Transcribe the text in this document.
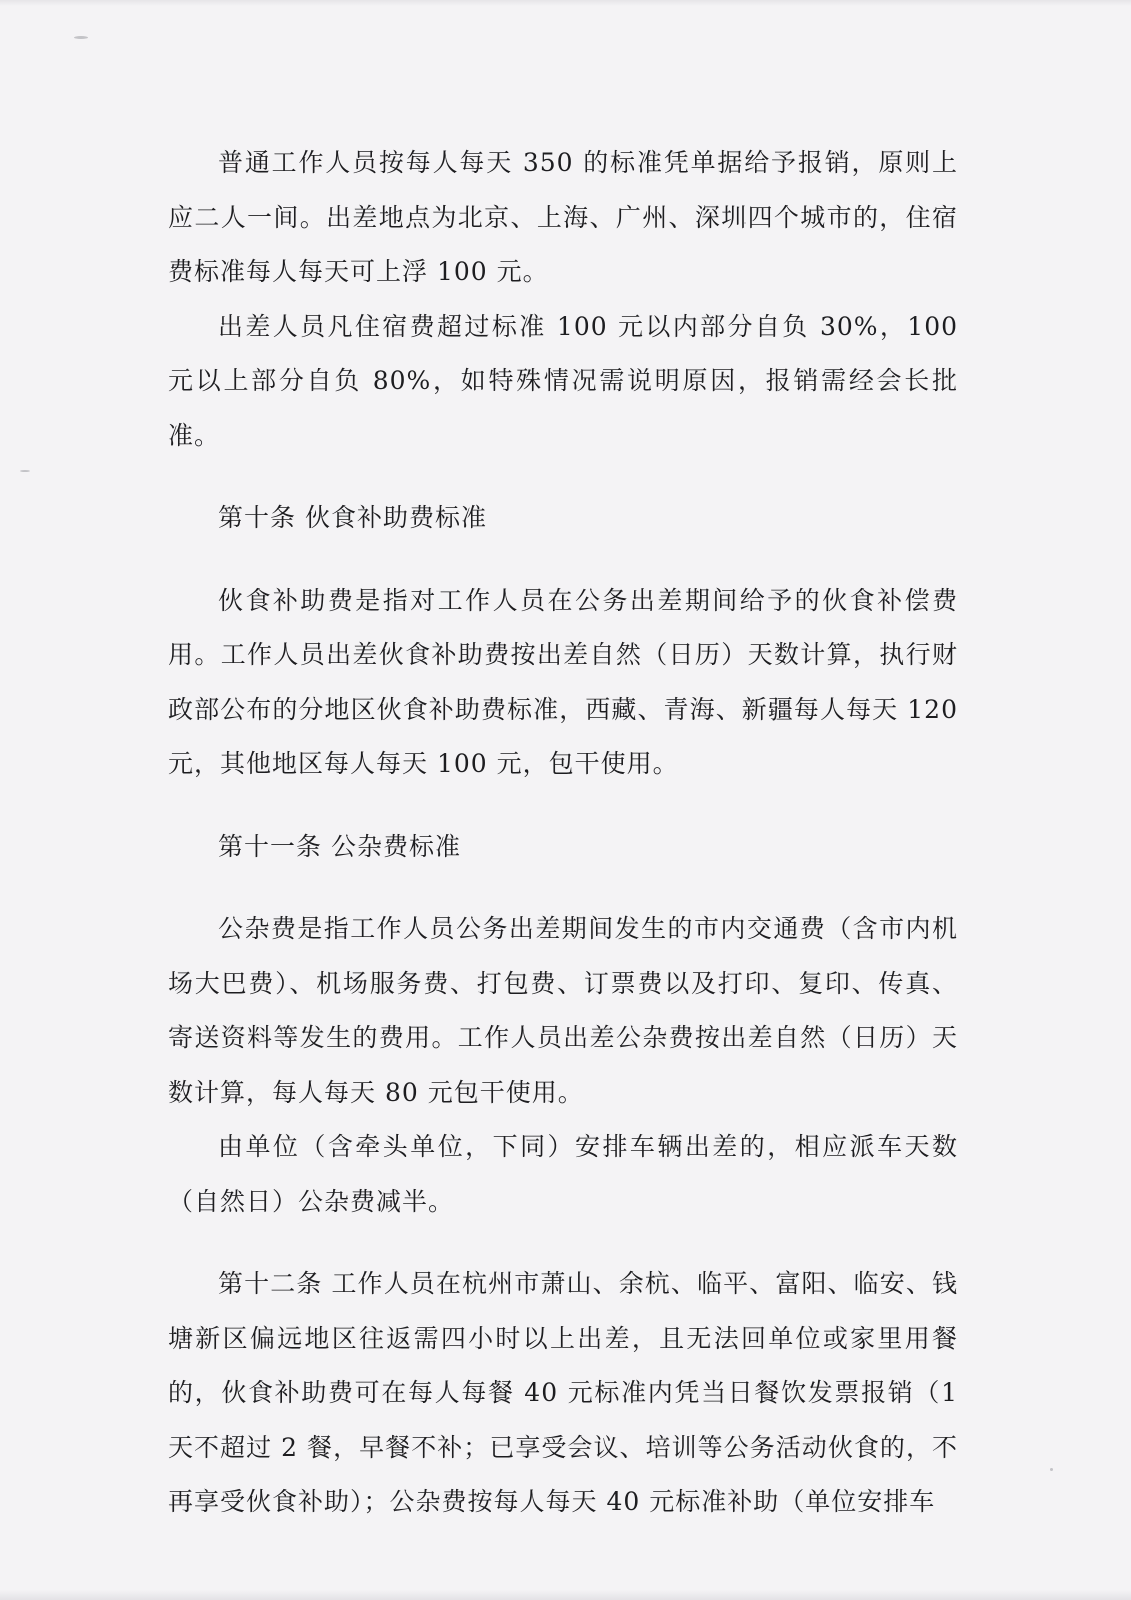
普通工作人员按每人每天 350 的标准凭单据给予报销，原则上应二人一间。出差地点为北京、上海、广州、深圳四个城市的，住宿费标准每人每天可上浮 100 元。

出差人员凡住宿费超过标准 100 元以内部分自负 30%，100 元以上部分自负 80%，如特殊情况需说明原因，报销需经会长批准。

第十条 伙食补助费标准

伙食补助费是指对工作人员在公务出差期间给予的伙食补偿费用。工作人员出差伙食补助费按出差自然（日历）天数计算，执行财政部公布的分地区伙食补助费标准，西藏、青海、新疆每人每天 120 元，其他地区每人每天 100 元，包干使用。

第十一条 公杂费标准

公杂费是指工作人员公务出差期间发生的市内交通费（含市内机场大巴费）、机场服务费、打包费、订票费以及打印、复印、传真、寄送资料等发生的费用。工作人员出差公杂费按出差自然（日历）天数计算，每人每天 80 元包干使用。

由单位（含牵头单位，下同）安排车辆出差的，相应派车天数（自然日）公杂费减半。

第十二条 工作人员在杭州市萧山、余杭、临平、富阳、临安、钱塘新区偏远地区往返需四小时以上出差，且无法回单位或家里用餐的，伙食补助费可在每人每餐 40 元标准内凭当日餐饮发票报销（1 天不超过 2 餐，早餐不补；已享受会议、培训等公务活动伙食的，不再享受伙食补助）；公杂费按每人每天 40 元标准补助（单位安排车
